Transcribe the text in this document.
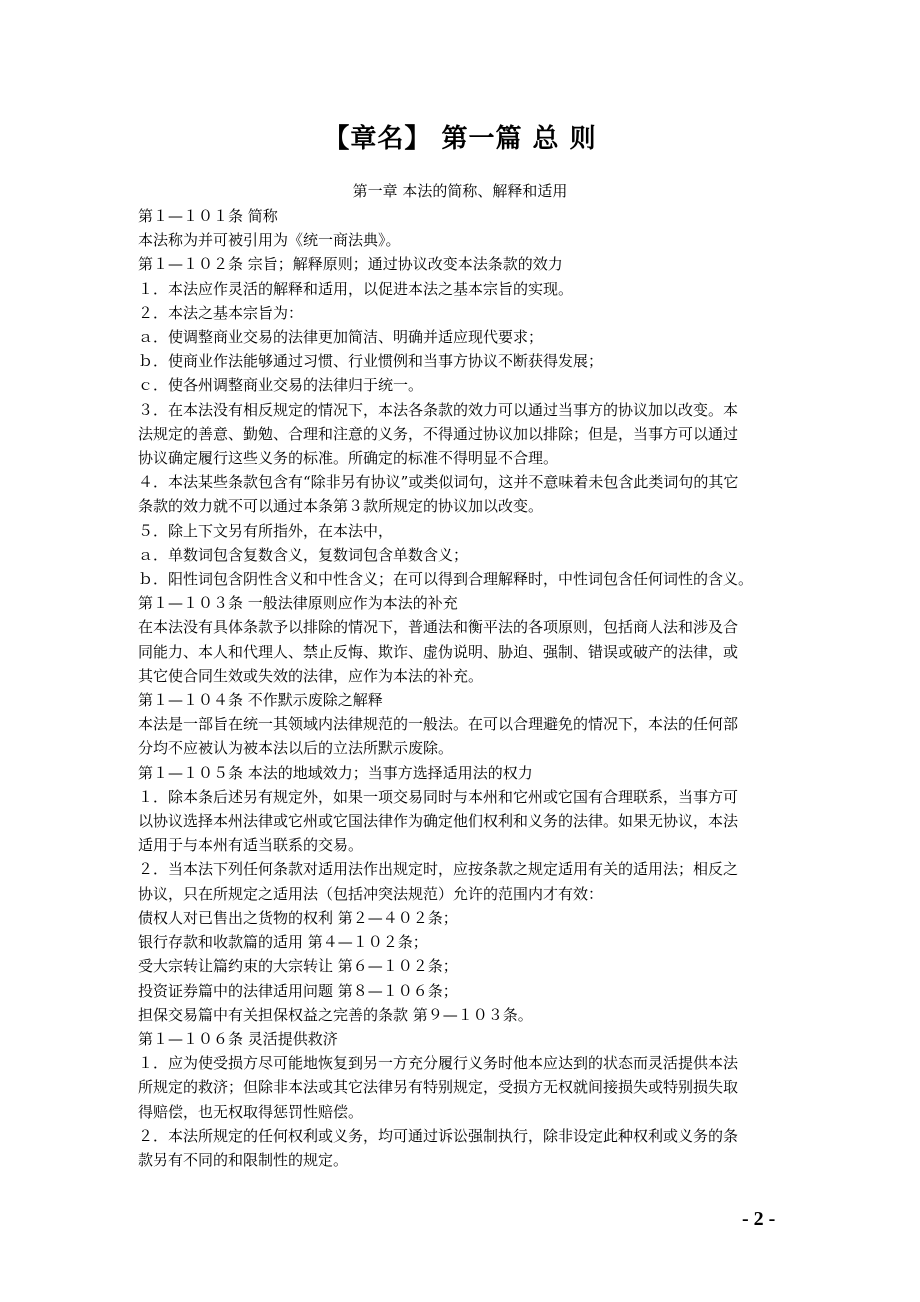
【章名】 第一篇 总 则

第一章 本法的简称、解释和适用

第１—１０１条 简称

本法称为并可被引用为《统一商法典》。

第１—１０２条 宗旨；解释原则；通过协议改变本法条款的效力

１．本法应作灵活的解释和适用，以促进本法之基本宗旨的实现。

２．本法之基本宗旨为：

ａ．使调整商业交易的法律更加简洁、明确并适应现代要求；

ｂ．使商业作法能够通过习惯、行业惯例和当事方协议不断获得发展；

ｃ．使各州调整商业交易的法律归于统一。

３．在本法没有相反规定的情况下，本法各条款的效力可以通过当事方的协议加以改变。本

法规定的善意、勤勉、合理和注意的义务，不得通过协议加以排除；但是，当事方可以通过

协议确定履行这些义务的标准。所确定的标准不得明显不合理。

４．本法某些条款包含有“除非另有协议”或类似词句，这并不意味着未包含此类词句的其它

条款的效力就不可以通过本条第３款所规定的协议加以改变。

５．除上下文另有所指外，在本法中，

ａ．单数词包含复数含义，复数词包含单数含义；

ｂ．阳性词包含阴性含义和中性含义；在可以得到合理解释时，中性词包含任何词性的含义。

第１—１０３条 一般法律原则应作为本法的补充

在本法没有具体条款予以排除的情况下，普通法和衡平法的各项原则，包括商人法和涉及合

同能力、本人和代理人、禁止反悔、欺诈、虚伪说明、胁迫、强制、错误或破产的法律，或

其它使合同生效或失效的法律，应作为本法的补充。

第１—１０４条 不作默示废除之解释

本法是一部旨在统一其领域内法律规范的一般法。在可以合理避免的情况下，本法的任何部

分均不应被认为被本法以后的立法所默示废除。

第１—１０５条 本法的地域效力；当事方选择适用法的权力

１．除本条后述另有规定外，如果一项交易同时与本州和它州或它国有合理联系，当事方可

以协议选择本州法律或它州或它国法律作为确定他们权利和义务的法律。如果无协议，本法

适用于与本州有适当联系的交易。

２．当本法下列任何条款对适用法作出规定时，应按条款之规定适用有关的适用法；相反之

协议，只在所规定之适用法（包括冲突法规范）允许的范围内才有效：

债权人对已售出之货物的权利 第２—４０２条；

银行存款和收款篇的适用 第４—１０２条；

受大宗转让篇约束的大宗转让 第６—１０２条；

投资证券篇中的法律适用问题 第８—１０６条；

担保交易篇中有关担保权益之完善的条款 第９—１０３条。

第１—１０６条 灵活提供救济

１．应为使受损方尽可能地恢复到另一方充分履行义务时他本应达到的状态而灵活提供本法

所规定的救济；但除非本法或其它法律另有特别规定，受损方无权就间接损失或特别损失取

得赔偿，也无权取得惩罚性赔偿。

２．本法所规定的任何权利或义务，均可通过诉讼强制执行，除非设定此种权利或义务的条

款另有不同的和限制性的规定。

- 2 -
